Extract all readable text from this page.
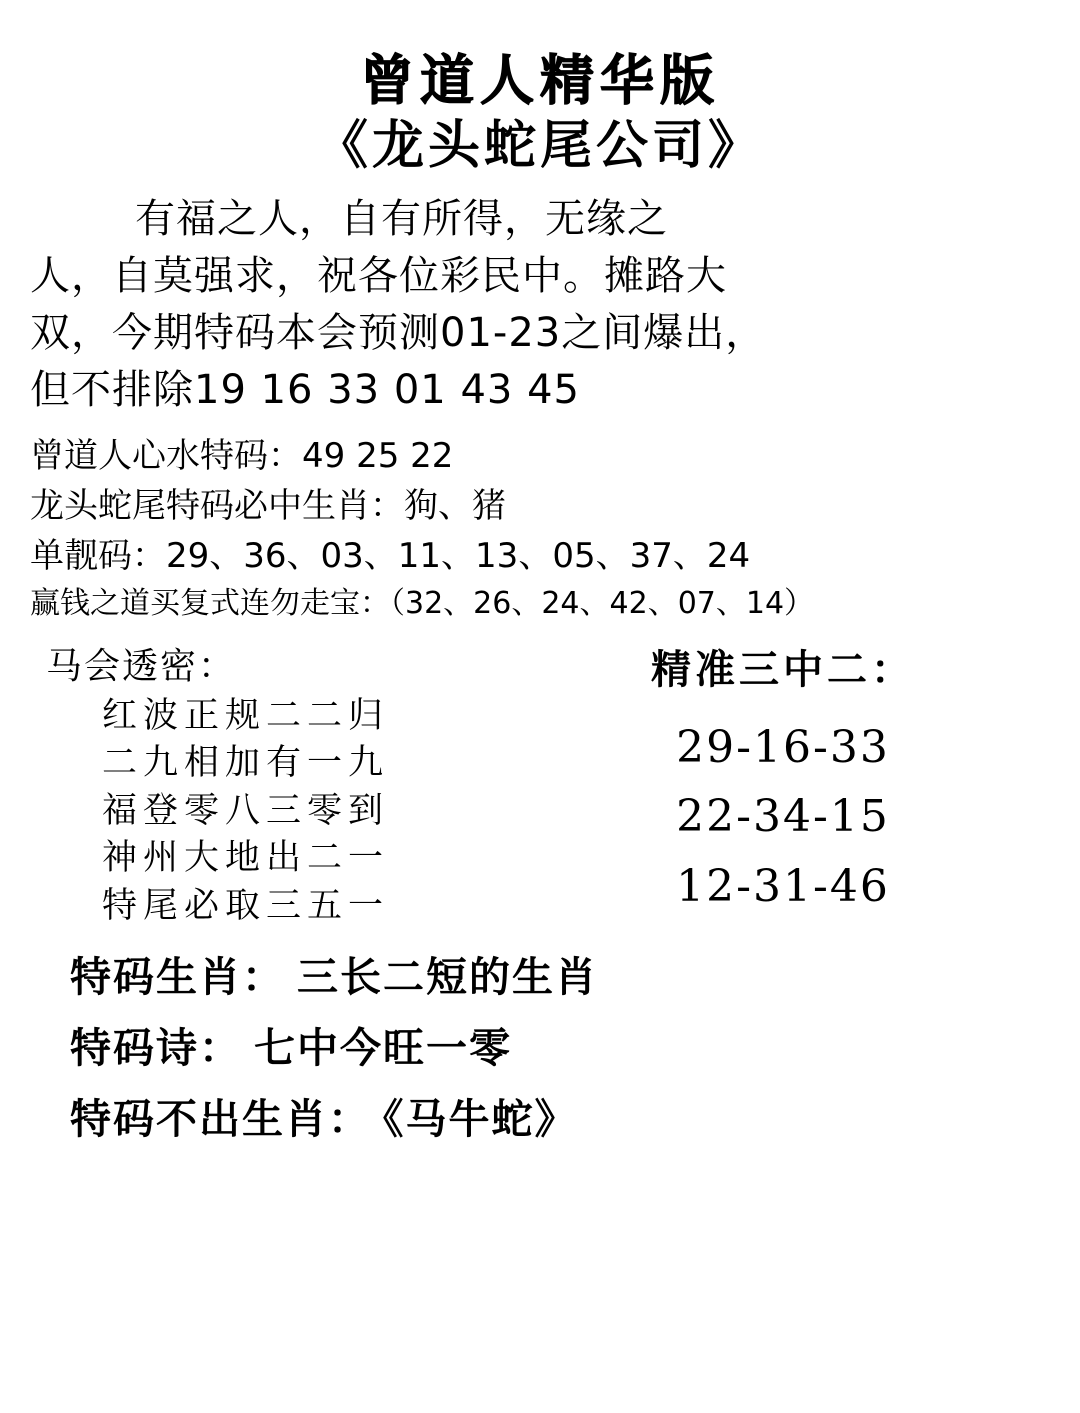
曾道人精华版
《龙头蛇尾公司》
有福之人，自有所得，无缘之
人，自莫强求，祝各位彩民中。摊路大
双，今期特码本会预测01-23之间爆出，
但不排除19 16 33 01 43 45
曾道人心水特码：49 25 22
龙头蛇尾特码必中生肖：狗、猪
单靓码：29、36、03、11、13、05、37、24
赢钱之道买复式连勿走宝：（32、26、24、42、07、14）
马会透密：
红波正规二二归
二九相加有一九
福登零八三零到
神州大地出二一
特尾必取三五一
精准三中二：
29-16-33
22-34-15
12-31-46
特码生肖： 三长二短的生肖
特码诗： 七中今旺一零
特码不出生肖： 《马牛蛇》
